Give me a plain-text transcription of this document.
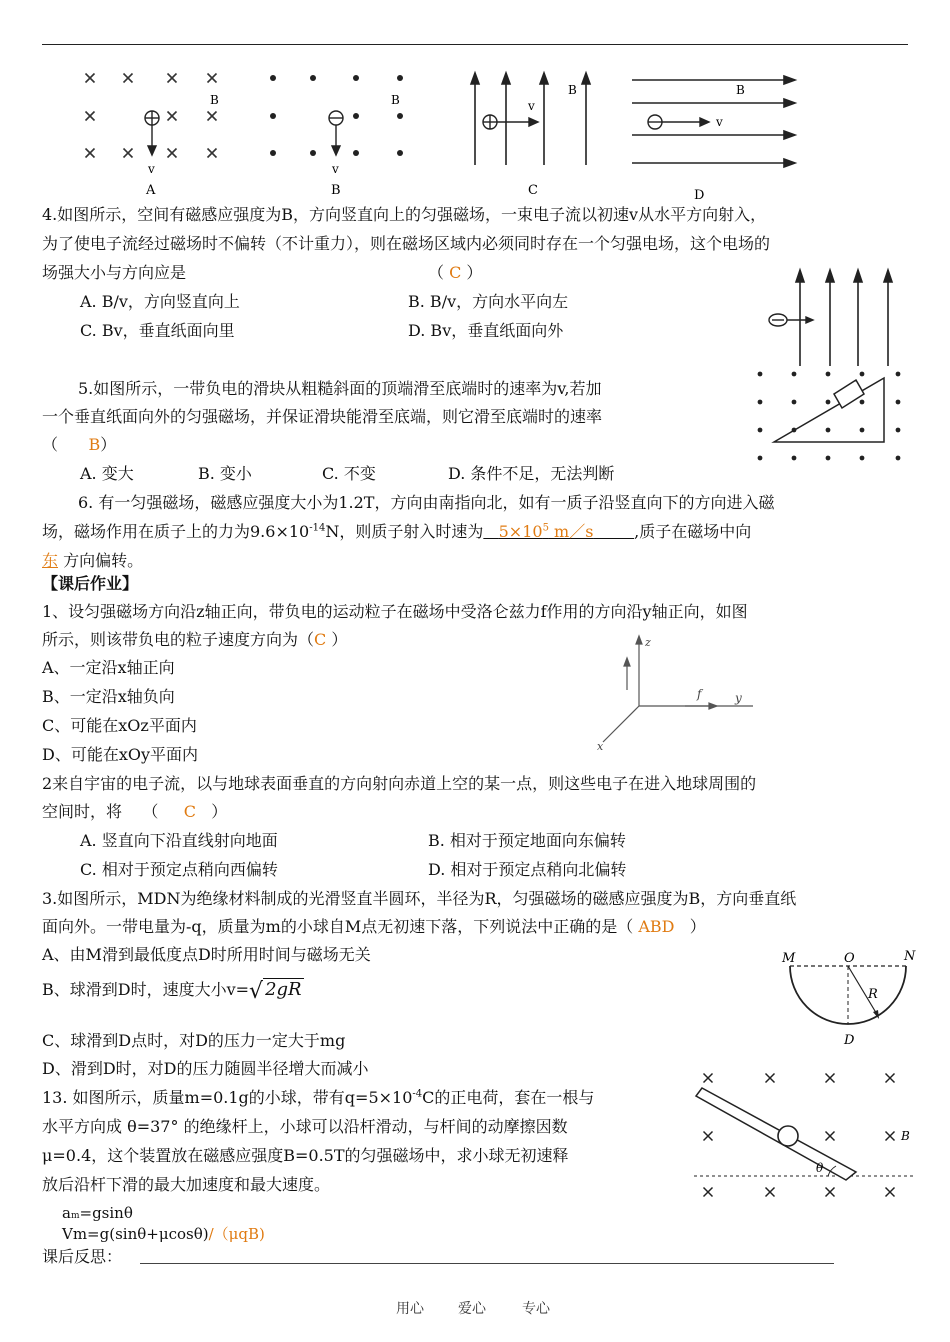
v
B
A
v
B
B
v
B
C
v
B
D
4.如图所示，空间有磁感应强度为B，方向竖直向上的匀强磁场，一束电子流以初速v从水平方向射入，
为了使电子流经过磁场时不偏转（不计重力），则在磁场区域内必须同时存在一个匀强电场，这个电场的
场强大小与方向应是	（ C ）
A. B/v，方向竖直向上	B. B/v，方向水平向左
C. Bv，垂直纸面向里	D. Bv，垂直纸面向外
5.如图所示，一带负电的滑块从粗糙斜面的顶端滑至底端时的速率为v,若加
一个垂直纸面向外的匀强磁场，并保证滑块能滑至底端，则它滑至底端时的速率
（      B）
A. 变大	B. 变小	C. 不变	D. 条件不足，无法判断
6. 有一匀强磁场，磁感应强度大小为1.2T，方向由南指向北，如有一质子沿竖直向下的方向进入磁
场，磁场作用在质子上的力为$9.6\times 10^{-14}N$，则质子射入时速为 $5\times 10^5$ m／s	,质子在磁场中向
东 方向偏转。
【课后作业】
1、设匀强磁场方向沿z轴正向，带负电的运动粒子在磁场中受洛仑兹力f作用的方向沿y轴正向，如图
所示，则该带负电的粒子速度方向为（C ）
A、一定沿x轴正向
B、一定沿x轴负向
C、可能在xOz平面内
D、可能在xOy平面内
z
y
f
x
2来自宇宙的电子流，以与地球表面垂直的方向射向赤道上空的某一点，则这些电子在进入地球周围的
空间时，将    （     C   ）
A. 竖直向下沿直线射向地面	B. 相对于预定地面向东偏转
C. 相对于预定点稍向西偏转	D. 相对于预定点稍向北偏转
3.如图所示，MDN为绝缘材料制成的光滑竖直半圆环，半径为R，匀强磁场的磁感应强度为B，方向垂直纸
面向外。一带电量为-q，质量为m的小球自M点无初速下落，下列说法中正确的是（ ABD   ）
A、由M滑到最低度点D时所用时间与磁场无关
B、球滑到D时，速度大小v=√ 2gR
C、球滑到D点时，对D的压力一定大于mg
D、滑到D时，对D的压力随圆半径增大而减小
M	O	N
R
D
13. 如图所示，质量m=0.1g的小球，带有$q=5\times 10^{-4}C$的正电荷，套在一根与
水平方向成 θ=37° 的绝缘杆上，小球可以沿杆滑动，与杆间的动摩擦因数
μ=0.4，这个装置放在磁感应强度B=0.5T的匀强磁场中，求小球无初速释
放后沿杆下滑的最大加速度和最大速度。
am=gsinθ
Vm=g(sinθ+μcosθ)/（μqB)
θ
B
课后反思：
用心 爱心	专心
